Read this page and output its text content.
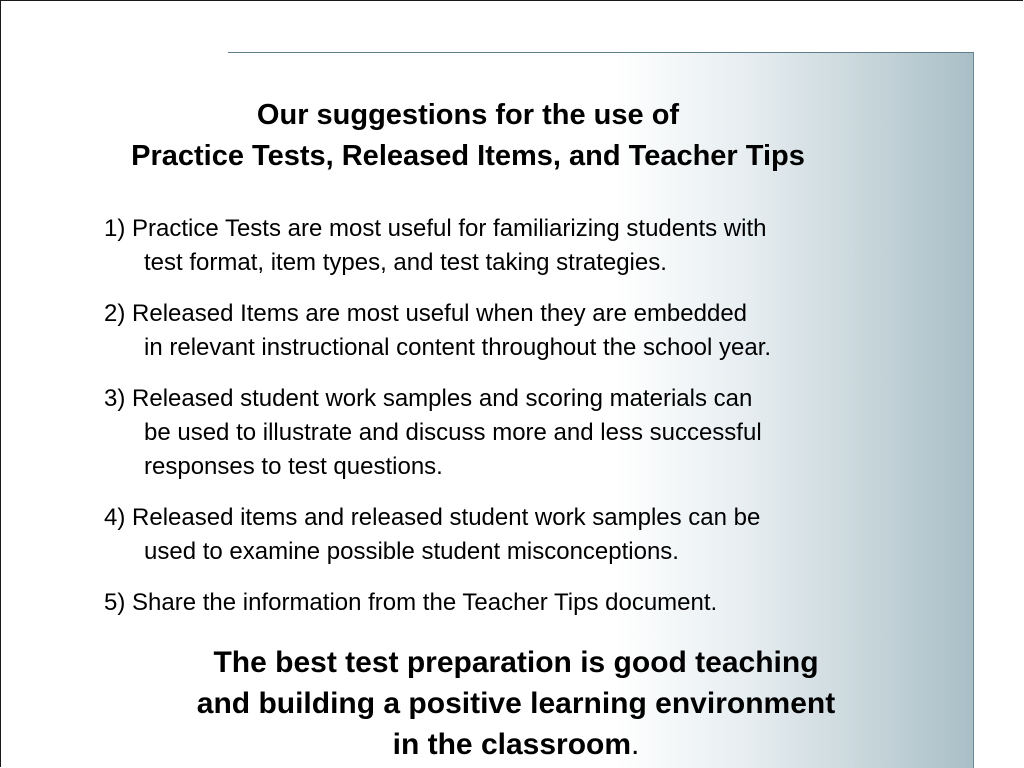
Our suggestions for the use of
Practice Tests, Released Items, and Teacher Tips
1) Practice Tests are most useful for familiarizing students with
test format, item types, and test taking strategies.
2) Released Items are most useful when they are embedded
in relevant instructional content throughout the school year.
3) Released student work samples and scoring materials can
be used to illustrate and discuss more and less successful
responses to test questions.
4) Released items and released student work samples can be
used to examine possible student misconceptions.
5) Share the information from the Teacher Tips document.

The best test preparation is good teaching
and building a positive learning environment
in the classroom.
